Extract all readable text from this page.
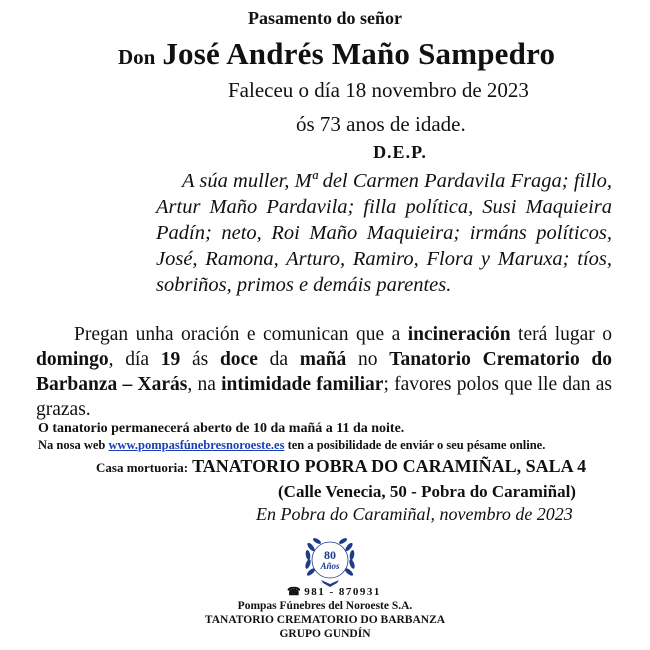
Pasamento do señor
Don José Andrés Maño Sampedro
Faleceu o día 18 novembro de 2023
ós 73 anos de idade.
D.E.P.
A súa muller, Mª del Carmen Pardavila Fraga; fillo, Artur Maño Pardavila; filla política, Susi Maquieira Padín; neto, Roi Maño Maquieira; irmáns políticos, José, Ramona, Arturo, Ramiro, Flora y Maruxa; tíos, sobriños, primos e demáis parentes.
Pregan unha oración e comunican que a incineración terá lugar o domingo, día 19 ás doce da mañá no Tanatorio Crematorio do Barbanza – Xarás, na intimidade familiar; favores polos que lle dan as grazas.
O tanatorio permanecerá aberto de 10 da mañá a 11 da noite.
Na nosa web www.pompasfúnebresnoroeste.es ten a posibilidade de enviár o seu pésame online.
Casa mortuoria: TANATORIO POBRA DO CARAMIÑAL, SALA 4
(Calle Venecia, 50 - Pobra do Caramiñal)
En Pobra do Caramiñal, novembro de 2023
80
Años
☎ 981 - 870931
Pompas Fúnebres del Noroeste S.A.
TANATORIO CREMATORIO DO BARBANZA
GRUPO GUNDÍN
